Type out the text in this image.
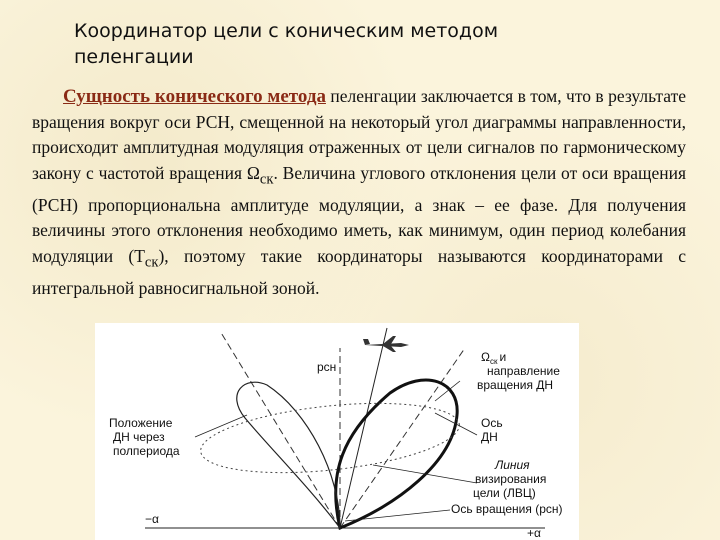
Координатор цели с коническим методом
пеленгации

Сущность конического метода пеленгации заключается в том, что в результате вращения вокруг оси РСН, смещенной на некоторый угол диаграммы направленности, происходит амплитудная модуляция отраженных от цели сигналов по гармоническому закону с частотой вращения $\Omega_{ск}$. Величина углового отклонения цели от оси вращения (РСН) пропорциональна амплитуде модуляции, а знак – ее фазе. Для получения величины этого отклонения необходимо иметь, как минимум, один период колебания модуляции $(Т_{ск})$, поэтому такие координаторы называются координаторами с интегральной равносигнальной зоной.

рсн
$\Omega_{ск}$ и
направление
вращения ДН
Ось
ДН
Линия
визирования
цели (ЛВЦ)
Ось вращения (рсн)
Положение
ДН через
полпериода
−α
+α
